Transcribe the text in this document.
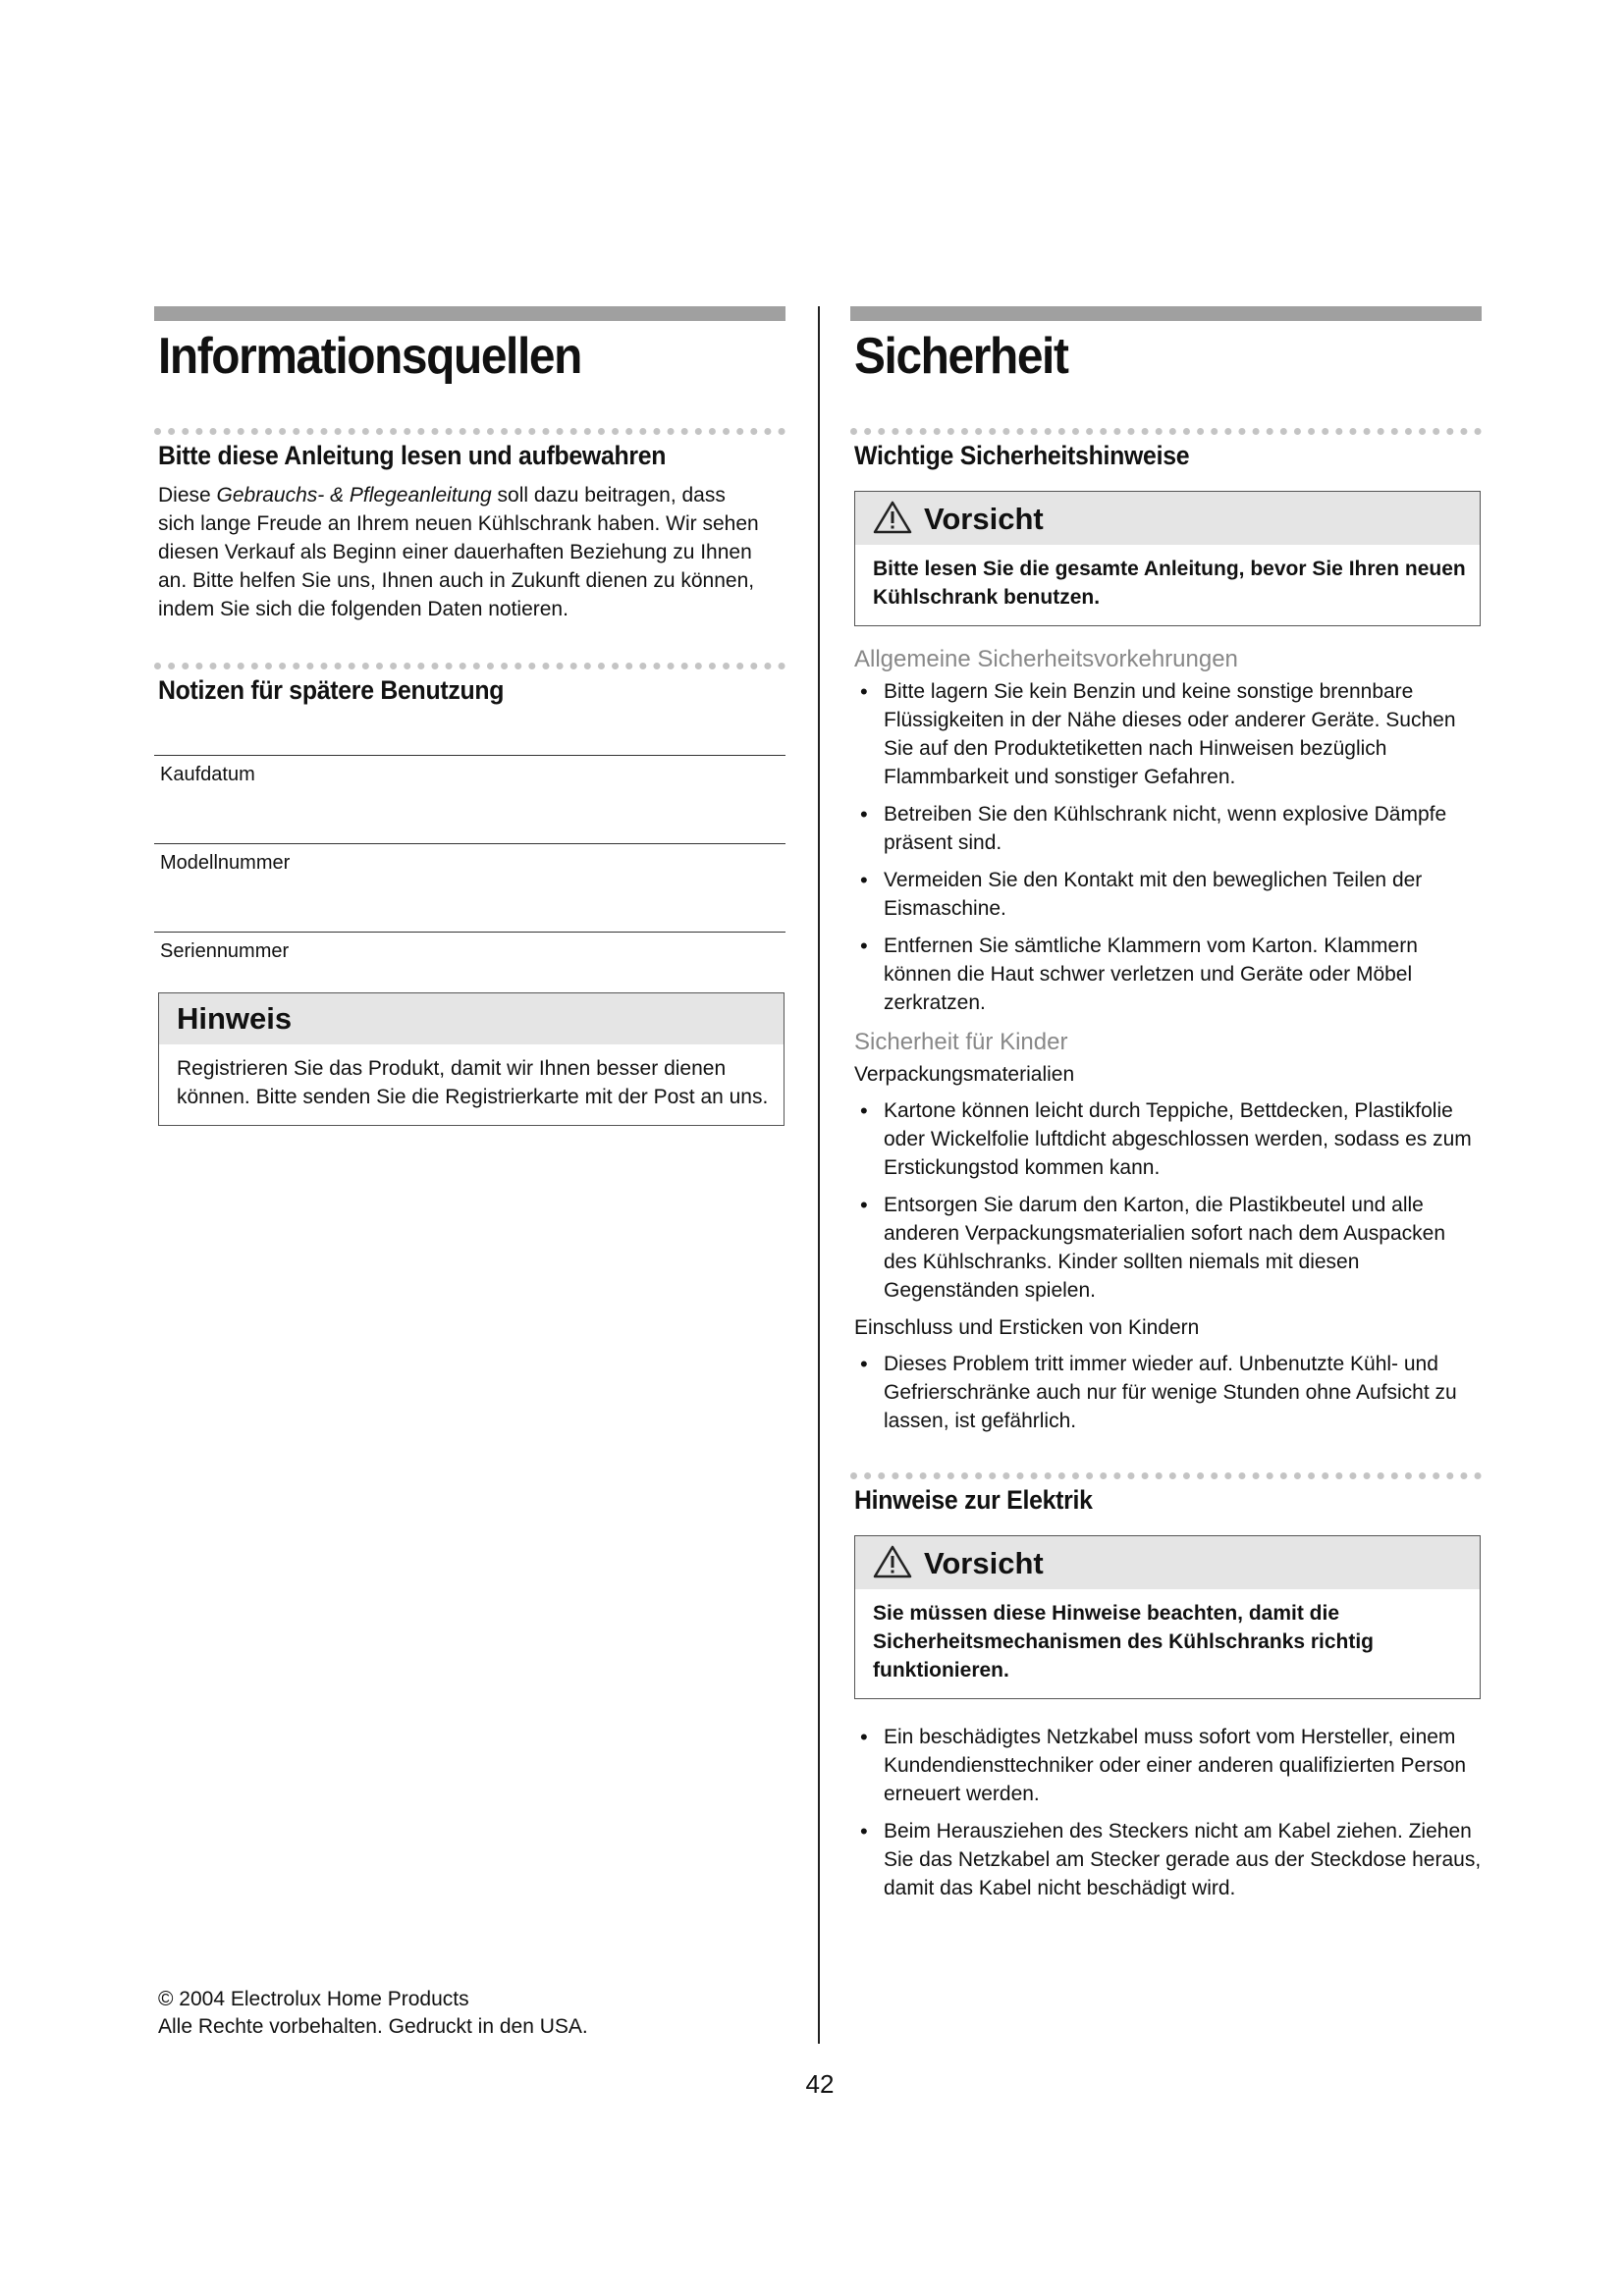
Informationsquellen
Bitte diese Anleitung lesen und aufbewahren

Diese Gebrauchs- & Pflegeanleitung soll dazu beitragen, dass sich lange Freude an Ihrem neuen Kühlschrank haben. Wir sehen diesen Verkauf als Beginn einer dauerhaften Beziehung zu Ihnen an. Bitte helfen Sie uns, Ihnen auch in Zukunft dienen zu können, indem Sie sich die folgenden Daten notieren.

Notizen für spätere Benutzung
Kaufdatum
Modellnummer
Seriennummer
Hinweis
Registrieren Sie das Produkt, damit wir Ihnen besser dienen können. Bitte senden Sie die Registrierkarte mit der Post an uns.
© 2004 Electrolux Home Products
Alle Rechte vorbehalten. Gedruckt in den USA.
Sicherheit
Wichtige Sicherheitshinweise
Vorsicht
Bitte lesen Sie die gesamte Anleitung, bevor Sie Ihren neuen Kühlschrank benutzen.
Allgemeine Sicherheitsvorkehrungen
• Bitte lagern Sie kein Benzin und keine sonstige brennbare Flüssigkeiten in der Nähe dieses oder anderer Geräte. Suchen Sie auf den Produktetiketten nach Hinweisen bezüglich Flammbarkeit und sonstiger Gefahren.
• Betreiben Sie den Kühlschrank nicht, wenn explosive Dämpfe präsent sind.
• Vermeiden Sie den Kontakt mit den beweglichen Teilen der Eismaschine.
• Entfernen Sie sämtliche Klammern vom Karton. Klammern können die Haut schwer verletzen und Geräte oder Möbel zerkratzen.
Sicherheit für Kinder
Verpackungsmaterialien
• Kartone können leicht durch Teppiche, Bettdecken, Plastikfolie oder Wickelfolie luftdicht abgeschlossen werden, sodass es zum Erstickungstod kommen kann.
• Entsorgen Sie darum den Karton, die Plastikbeutel und alle anderen Verpackungsmaterialien sofort nach dem Auspacken des Kühlschranks. Kinder sollten niemals mit diesen Gegenständen spielen.
Einschluss und Ersticken von Kindern
• Dieses Problem tritt immer wieder auf. Unbenutzte Kühl- und Gefrierschränke auch nur für wenige Stunden ohne Aufsicht zu lassen, ist gefährlich.
Hinweise zur Elektrik
Vorsicht
Sie müssen diese Hinweise beachten, damit die Sicherheitsmechanismen des Kühlschranks richtig funktionieren.
• Ein beschädigtes Netzkabel muss sofort vom Hersteller, einem Kundendiensttechniker oder einer anderen qualifizierten Person erneuert werden.
• Beim Herausziehen des Steckers nicht am Kabel ziehen. Ziehen Sie das Netzkabel am Stecker gerade aus der Steckdose heraus, damit das Kabel nicht beschädigt wird.
42
